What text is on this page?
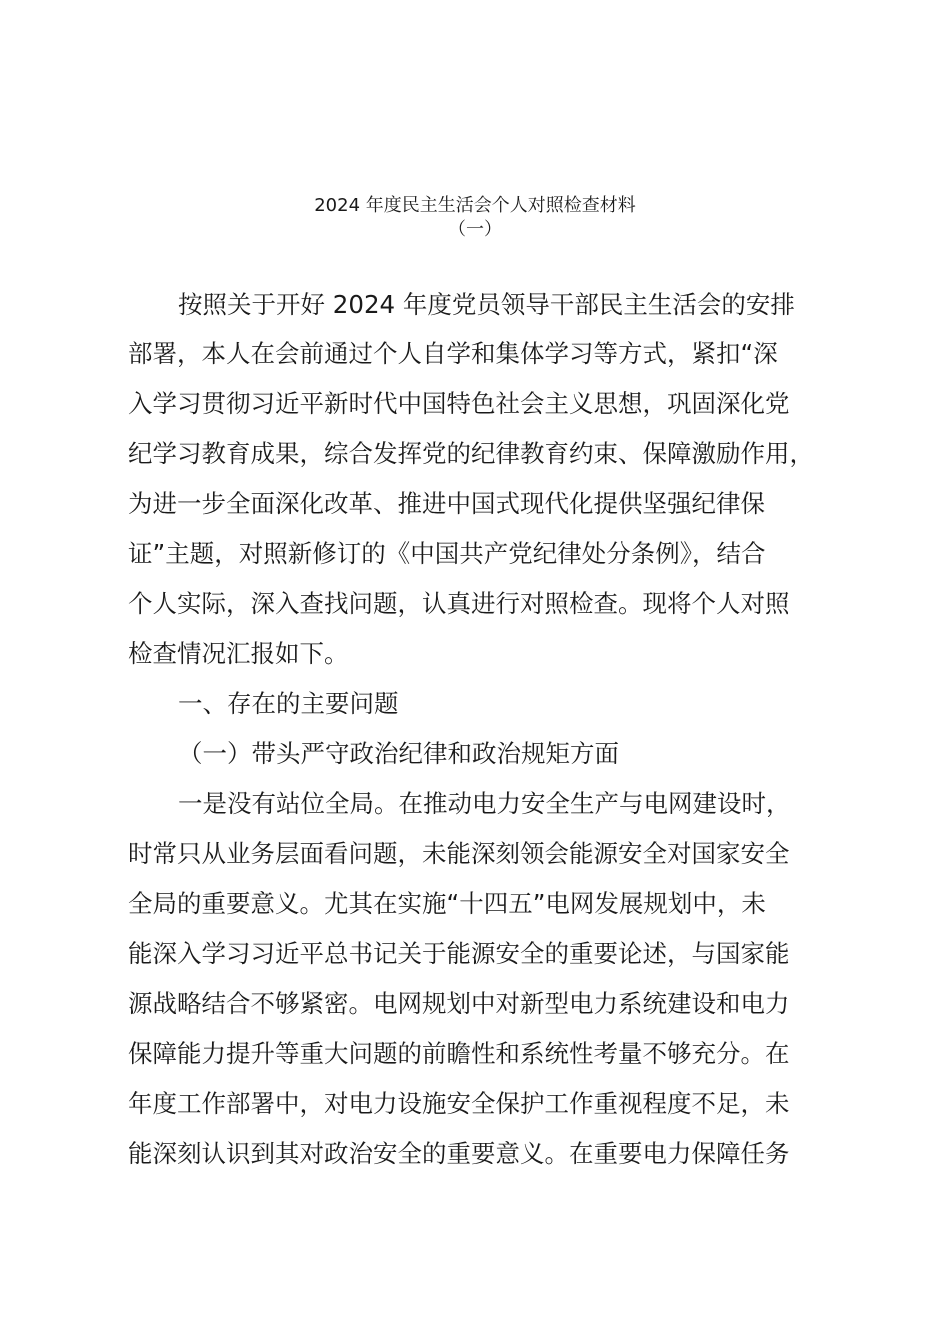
2024 年度民主生活会个人对照检查材料
（一）

按照关于开好 2024 年度党员领导干部民主生活会的安排

部署，本人在会前通过个人自学和集体学习等方式，紧扣“深

入学习贯彻习近平新时代中国特色社会主义思想，巩固深化党

纪学习教育成果，综合发挥党的纪律教育约束、保障激励作用，

为进一步全面深化改革、推进中国式现代化提供坚强纪律保

证”主题，对照新修订的《中国共产党纪律处分条例》，结合

个人实际，深入查找问题，认真进行对照检查。现将个人对照

检查情况汇报如下。

一、存在的主要问题

（一）带头严守政治纪律和政治规矩方面

一是没有站位全局。在推动电力安全生产与电网建设时，

时常只从业务层面看问题，未能深刻领会能源安全对国家安全

全局的重要意义。尤其在实施“十四五”电网发展规划中，未

能深入学习习近平总书记关于能源安全的重要论述，与国家能

源战略结合不够紧密。电网规划中对新型电力系统建设和电力

保障能力提升等重大问题的前瞻性和系统性考量不够充分。在

年度工作部署中，对电力设施安全保护工作重视程度不足，未

能深刻认识到其对政治安全的重要意义。在重要电力保障任务
